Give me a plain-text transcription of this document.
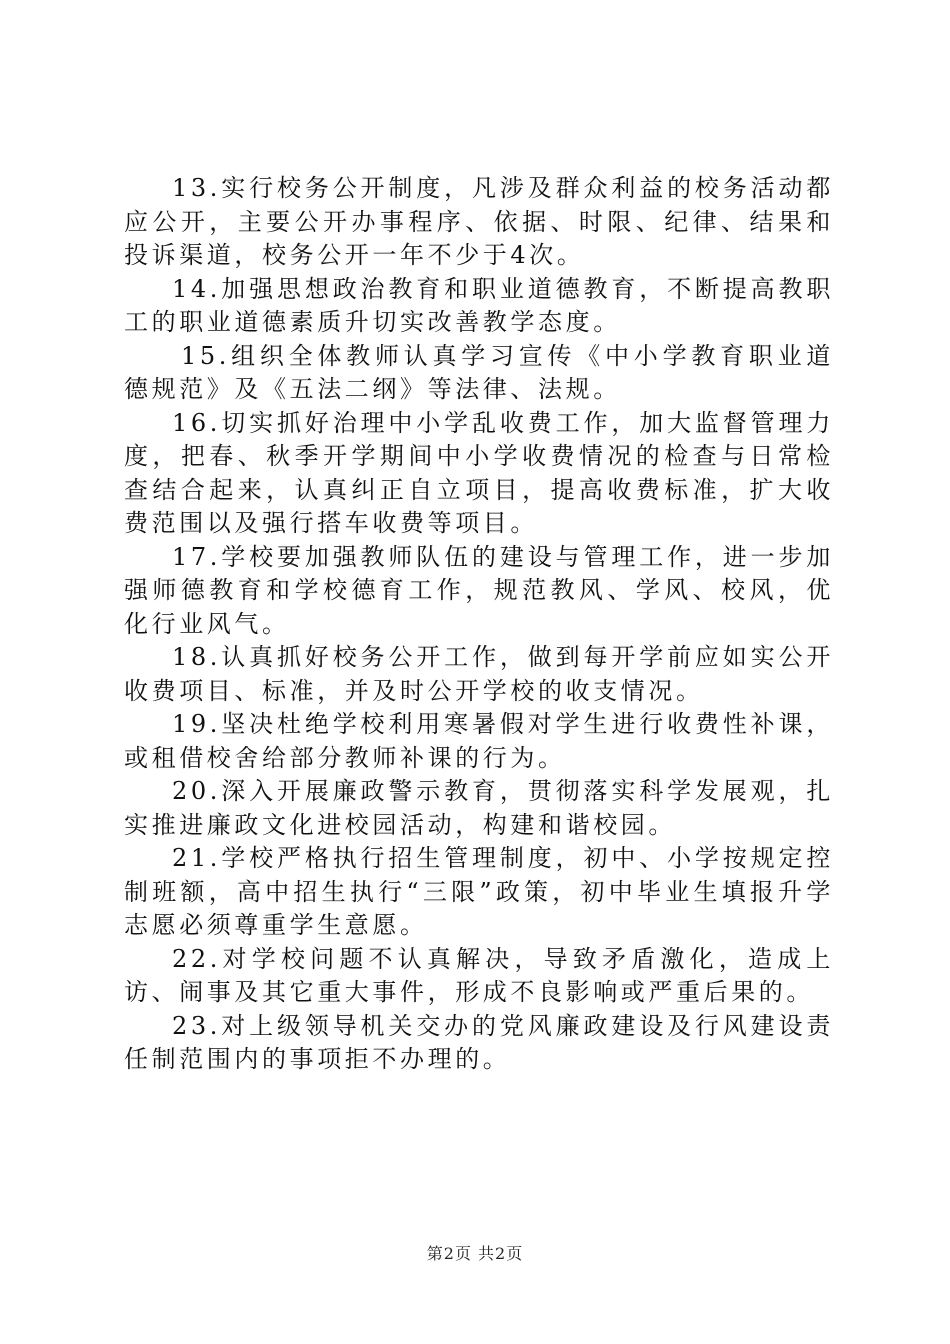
13.实行校务公开制度，凡涉及群众利益的校务活动都应公开，主要公开办事程序、依据、时限、纪律、结果和投诉渠道，校务公开一年不少于4次。

14.加强思想政治教育和职业道德教育，不断提高教职工的职业道德素质升切实改善教学态度。

15.组织全体教师认真学习宣传《中小学教育职业道德规范》及《五法二纲》等法律、法规。

16.切实抓好治理中小学乱收费工作，加大监督管理力度，把春、秋季开学期间中小学收费情况的检查与日常检查结合起来，认真纠正自立项目，提高收费标准，扩大收费范围以及强行搭车收费等项目。

17.学校要加强教师队伍的建设与管理工作，进一步加强师德教育和学校德育工作，规范教风、学风、校风，优化行业风气。

18.认真抓好校务公开工作，做到每开学前应如实公开收费项目、标准，并及时公开学校的收支情况。

19.坚决杜绝学校利用寒暑假对学生进行收费性补课，或租借校舍给部分教师补课的行为。

20.深入开展廉政警示教育，贯彻落实科学发展观，扎实推进廉政文化进校园活动，构建和谐校园。

21.学校严格执行招生管理制度，初中、小学按规定控制班额，高中招生执行“三限”政策，初中毕业生填报升学志愿必须尊重学生意愿。

22.对学校问题不认真解决，导致矛盾激化，造成上访、闹事及其它重大事件，形成不良影响或严重后果的。

23.对上级领导机关交办的党风廉政建设及行风建设责任制范围内的事项拒不办理的。

第2页 共2页
